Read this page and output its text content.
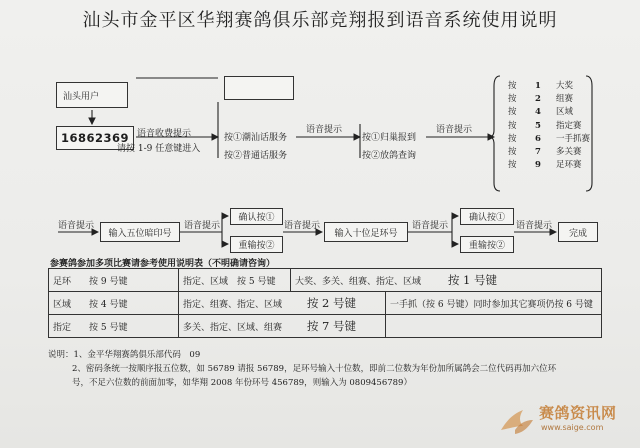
汕头市金平区华翔赛鸽俱乐部竞翔报到语音系统使用说明
汕头用户
16862369 语音收费提示
请按 1-9 任意键进入
按①潮汕话服务
按②普通话服务
语音提示
按①归巢报到
按②放鸽查询
语音提示
按	1	大奖
按	2	组赛
按	4	区域
按	5	指定赛
按	6	一手抓赛
按	7	多关赛
按	9	足环赛
语音提示
输入五位暗印号
语音提示
确认按①
重输按②
语音提示
输入十位足环号
语音提示
确认按①
重输按②
语音提示
完成
参赛鸽参加多项比赛请参考使用说明表（不明确请咨询）
足环　　按 9 号键	指定、区域　按 5 号键	大奖、多关、组赛、指定、区域 按 1 号键	
区域　　按 4 号键	指定、组赛、指定、区域 按 2 号键		一手抓（按 6 号键）同时参加其它赛项仍按 6 号键
指定　　按 5 号键	多关、指定、区域、组赛 按 7 号键		
说明：1、金平华翔赛鸽俱乐部代码　09
2、密码条统一按顺序报五位数，如 56789 请报 56789，足环号输入十位数，即前二位数为年份加所属鸽会二位代码再加六位环
号，不足六位数的前面加零，如华翔 2008 年份环号 456789，则输入为 0809456789）
赛鸽资讯网
www.saige.com
